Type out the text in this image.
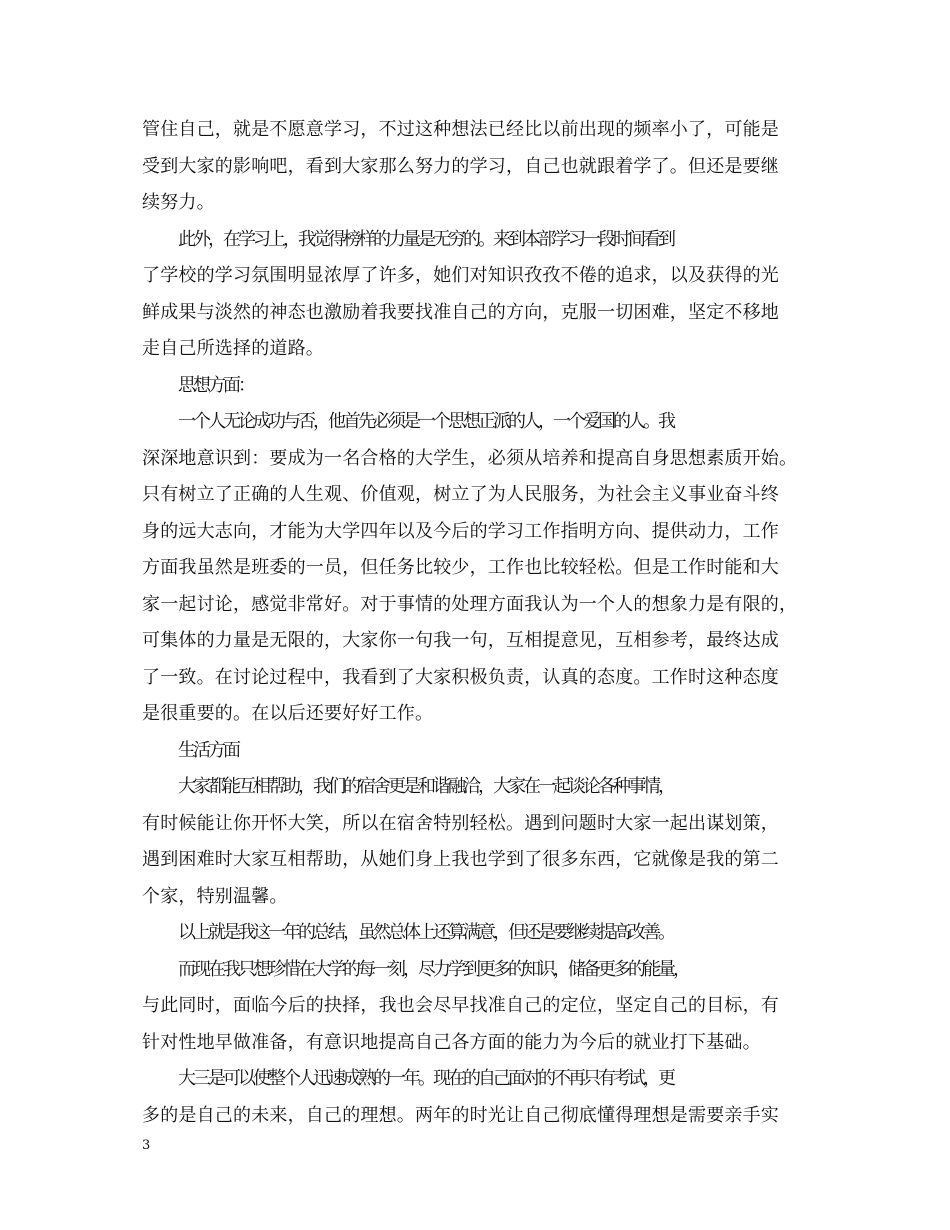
管住自己，就是不愿意学习，不过这种想法已经比以前出现的频率小了，可能是
受到大家的影响吧，看到大家那么努力的学习，自己也就跟着学了。但还是要继
续努力。
此外，在学习上，我觉得榜样的力量是无穷的。来到本部学习一段时间看到
了学校的学习氛围明显浓厚了许多，她们对知识孜孜不倦的追求，以及获得的光
鲜成果与淡然的神态也激励着我要找准自己的方向，克服一切困难，坚定不移地
走自己所选择的道路。
思想方面：
一个人无论成功与否，他首先必须是一个思想正派的人，一个爱国的人。我
深深地意识到：要成为一名合格的大学生，必须从培养和提高自身思想素质开始。
只有树立了正确的人生观、价值观，树立了为人民服务，为社会主义事业奋斗终
身的远大志向，才能为大学四年以及今后的学习工作指明方向、提供动力，工作
方面我虽然是班委的一员，但任务比较少，工作也比较轻松。但是工作时能和大
家一起讨论，感觉非常好。对于事情的处理方面我认为一个人的想象力是有限的，
可集体的力量是无限的，大家你一句我一句，互相提意见，互相参考，最终达成
了一致。在讨论过程中，我看到了大家积极负责，认真的态度。工作时这种态度
是很重要的。在以后还要好好工作。
生活方面
大家都能互相帮助，我们的宿舍更是和谐融洽，大家在一起谈论各种事情，
有时候能让你开怀大笑，所以在宿舍特别轻松。遇到问题时大家一起出谋划策，
遇到困难时大家互相帮助，从她们身上我也学到了很多东西，它就像是我的第二
个家，特别温馨。
以上就是我这一年的总结，虽然总体上还算满意，但还是要继续提高改善。
而现在我只想珍惜在大学的每一刻，尽力学到更多的知识，储备更多的能量，
与此同时，面临今后的抉择，我也会尽早找准自己的定位，坚定自己的目标，有
针对性地早做准备，有意识地提高自己各方面的能力为今后的就业打下基础。
大三是可以使整个人迅速成熟的一年。现在的自己面对的不再只有考试，更
多的是自己的未来，自己的理想。两年的时光让自己彻底懂得理想是需要亲手实
3
